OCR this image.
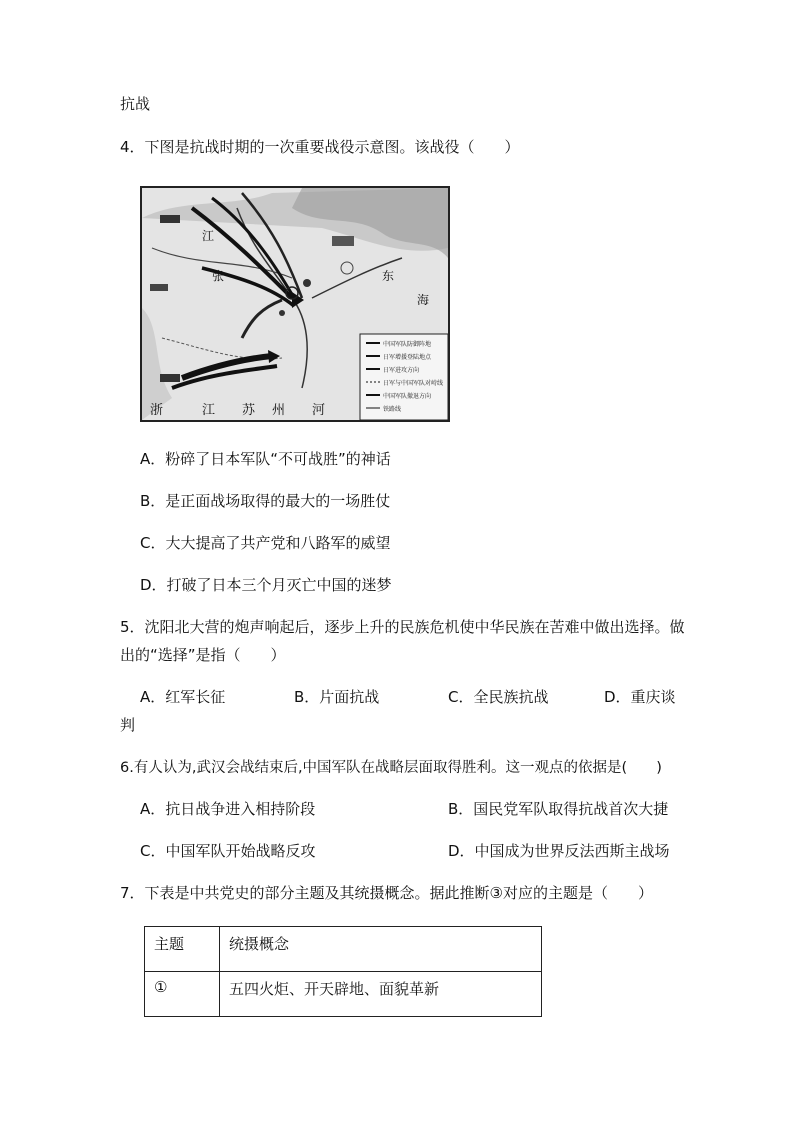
抗战
4．下图是抗战时期的一次重要战役示意图。该战役（　　）
江
张	东
海
浙	江 苏 州 河
中国军队防御阵地
日军增援登陆地点
日军进攻方向
日军与中国军队对峙线
中国军队撤退方向
铁路线
A．粉碎了日本军队“不可战胜”的神话
B．是正面战场取得的最大的一场胜仗
C．大大提高了共产党和八路军的威望
D．打破了日本三个月灭亡中国的迷梦
5．沈阳北大营的炮声响起后，逐步上升的民族危机使中华民族在苦难中做出选择。做
出的“选择”是指（　　）
A．红军长征	B．片面抗战	C．全民族抗战	D．重庆谈
判
6.有人认为,武汉会战结束后,中国军队在战略层面取得胜利。这一观点的依据是(　　)
A．抗日战争进入相持阶段	B．国民党军队取得抗战首次大捷
C．中国军队开始战略反攻	D．中国成为世界反法西斯主战场
7．下表是中共党史的部分主题及其统摄概念。据此推断③对应的主题是（　　）
主题	统摄概念
①	五四火炬、开天辟地、面貌革新
